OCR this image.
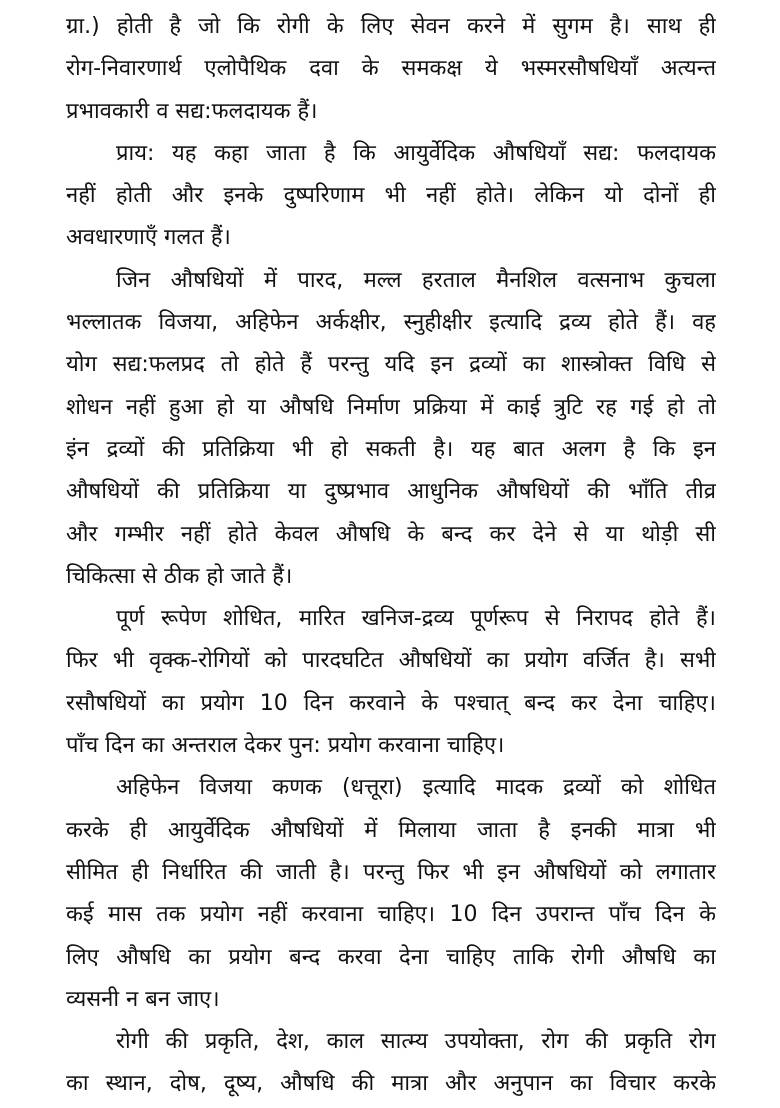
ग्रा.) होती है जो कि रोगी के लिए सेवन करने में सुगम है। साथ ही
रोग-निवारणार्थ एलोपैथिक दवा के समकक्ष ये भस्मरसौषधियाँ अत्यन्त
प्रभावकारी व सद्य:फलदायक हैं।
प्राय: यह कहा जाता है कि आयुर्वेदिक औषधियाँ सद्य: फलदायक
नहीं होती और इनके दुष्परिणाम भी नहीं होते। लेकिन यो दोनों ही
अवधारणाएँ गलत हैं।
जिन औषधियों में पारद, मल्ल हरताल मैनशिल वत्सनाभ कुचला
भल्लातक विजया, अहिफेन अर्कक्षीर, स्नुहीक्षीर इत्यादि द्रव्य होते हैं। वह
योग सद्य:फलप्रद तो होते हैं परन्तु यदि इन द्रव्यों का शास्त्रोक्त विधि से
शोधन नहीं हुआ हो या औषधि निर्माण प्रक्रिया में काई त्रुटि रह गई हो तो
इंन द्रव्यों की प्रतिक्रिया भी हो सकती है। यह बात अलग है कि इन
औषधियों की प्रतिक्रिया या दुष्प्रभाव आधुनिक औषधियों की भाँति तीव्र
और गम्भीर नहीं होते केवल औषधि के बन्द कर देने से या थोड़ी सी
चिकित्सा से ठीक हो जाते हैं।
पूर्ण रूपेण शोधित, मारित खनिज-द्रव्य पूर्णरूप से निरापद होते हैं।
फिर भी वृक्क-रोगियों को पारदघटित औषधियों का प्रयोग वर्जित है। सभी
रसौषधियों का प्रयोग 10 दिन करवाने के पश्चात् बन्द कर देना चाहिए।
पाँच दिन का अन्तराल देकर पुन: प्रयोग करवाना चाहिए।
अहिफेन विजया कणक (धत्तूरा) इत्यादि मादक द्रव्यों को शोधित
करके ही आयुर्वेदिक औषधियों में मिलाया जाता है इनकी मात्रा भी
सीमित ही निर्धारित की जाती है। परन्तु फिर भी इन औषधियों को लगातार
कई मास तक प्रयोग नहीं करवाना चाहिए। 10 दिन उपरान्त पाँच दिन के
लिए औषधि का प्रयोग बन्द करवा देना चाहिए ताकि रोगी औषधि का
व्यसनी न बन जाए।
रोगी की प्रकृति, देश, काल सात्म्य उपयोक्ता, रोग की प्रकृति रोग
का स्थान, दोष, दूष्य, औषधि की मात्रा और अनुपान का विचार करके
